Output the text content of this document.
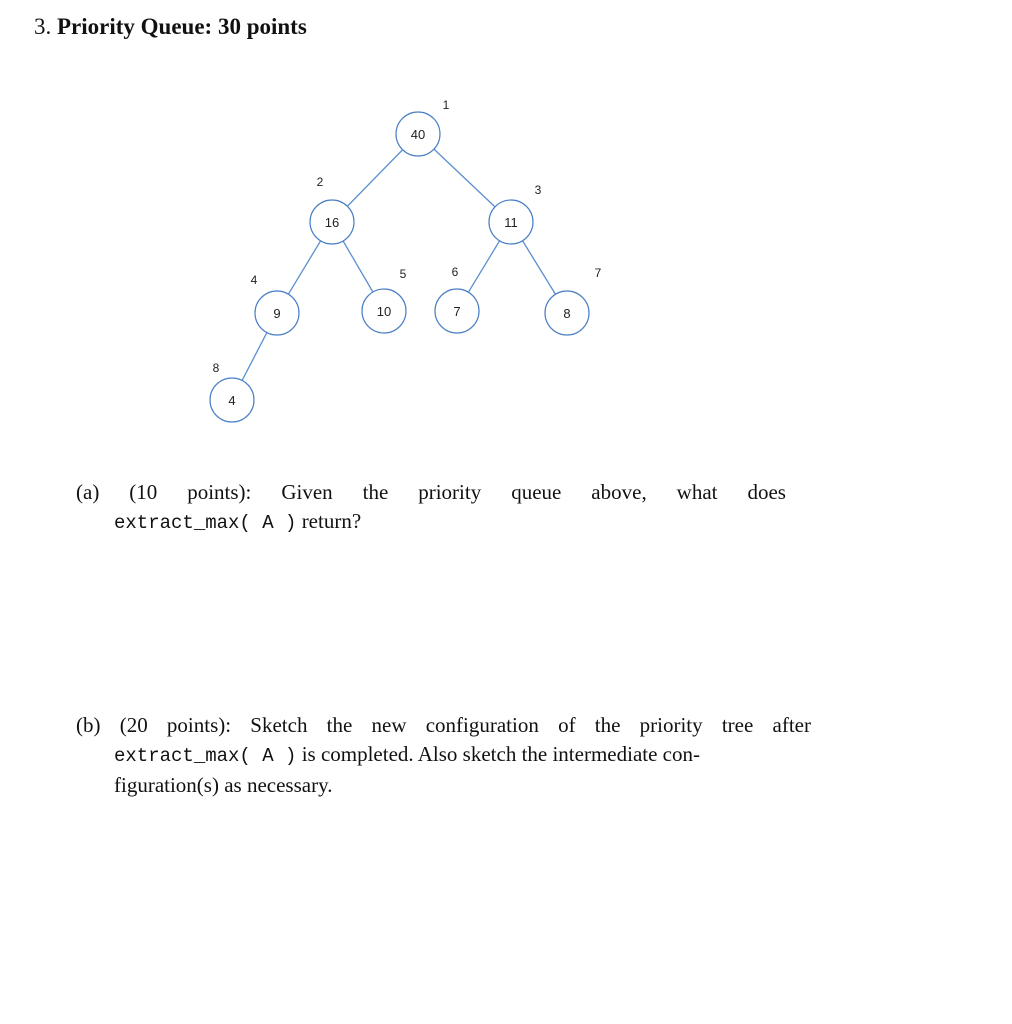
3. Priority Queue: 30 points
40
1
16
2
11
3
9
4
10
5
7
6
8
7
4
8
(a) (10 points): Given the priority queue above, what does
extract_max( A ) return?
(b) (20 points): Sketch the new configuration of the priority tree after
extract_max( A ) is completed. Also sketch the intermediate con-
figuration(s) as necessary.
